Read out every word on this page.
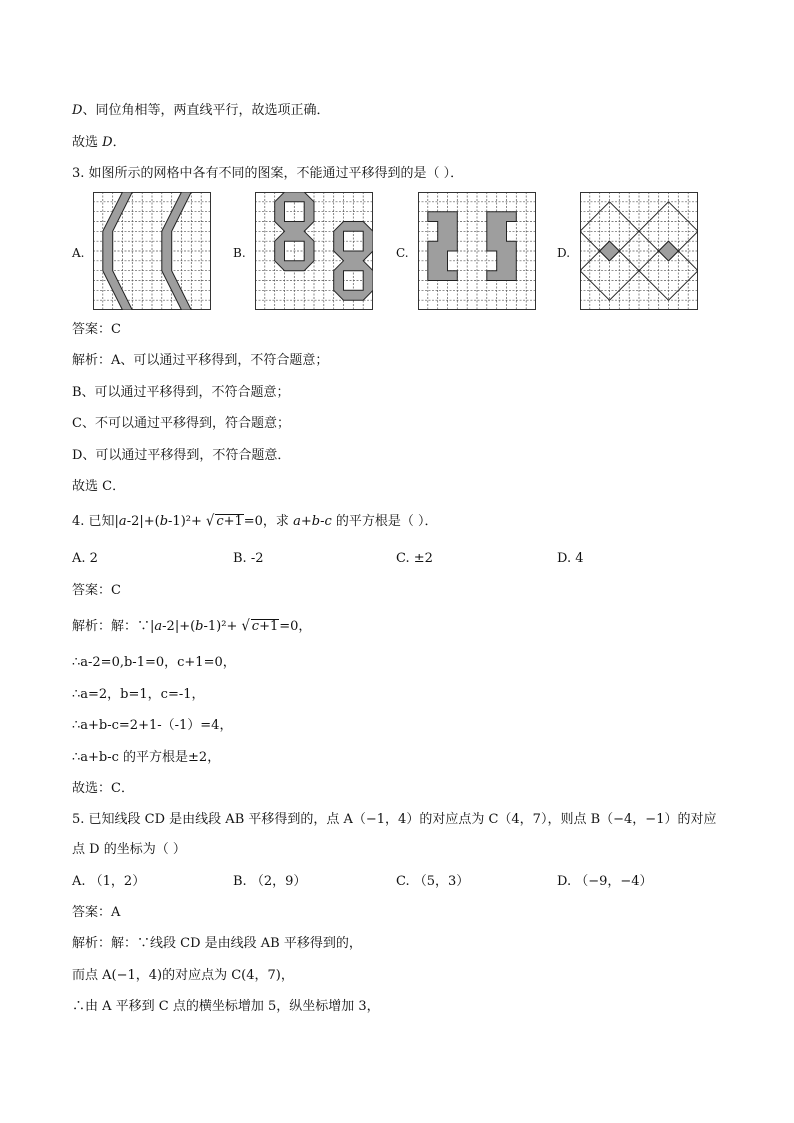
D、同位角相等，两直线平行，故选项正确．
故选 D．
3. 如图所示的网格中各有不同的图案，不能通过平移得到的是（ ）．
A.	B.	C.	D.
答案：C
解析：A、可以通过平移得到，不符合题意；
B、可以通过平移得到，不符合题意；
C、不可以通过平移得到，符合题意；
D、可以通过平移得到，不符合题意．
故选 C．
4. 已知|a-2|+(b-1)²+ √ c+1=0，求 a+b-c 的平方根是（ ）．
A. 2	B. -2	C. ±2	D. 4
答案：C
解析：解：∵|a-2|+(b-1)²+ √ c+1=0，
∴a-2=0,b-1=0，c+1=0，
∴a=2，b=1，c=-1，
∴a+b-c=2+1-（-1）=4，
∴a+b-c 的平方根是±2，
故选：C．
5. 已知线段 CD 是由线段 AB 平移得到的，点 A（−1，4）的对应点为 C（4，7），则点 B（−4，−1）的对应
点 D 的坐标为（ ）
A. （1，2）	B. （2，9）	C. （5，3）	D. （−9，−4）
答案：A
解析：解：∵线段 CD 是由线段 AB 平移得到的，
而点 A(−1，4)的对应点为 C(4，7)，
∴由 A 平移到 C 点的横坐标增加 5，纵坐标增加 3，
